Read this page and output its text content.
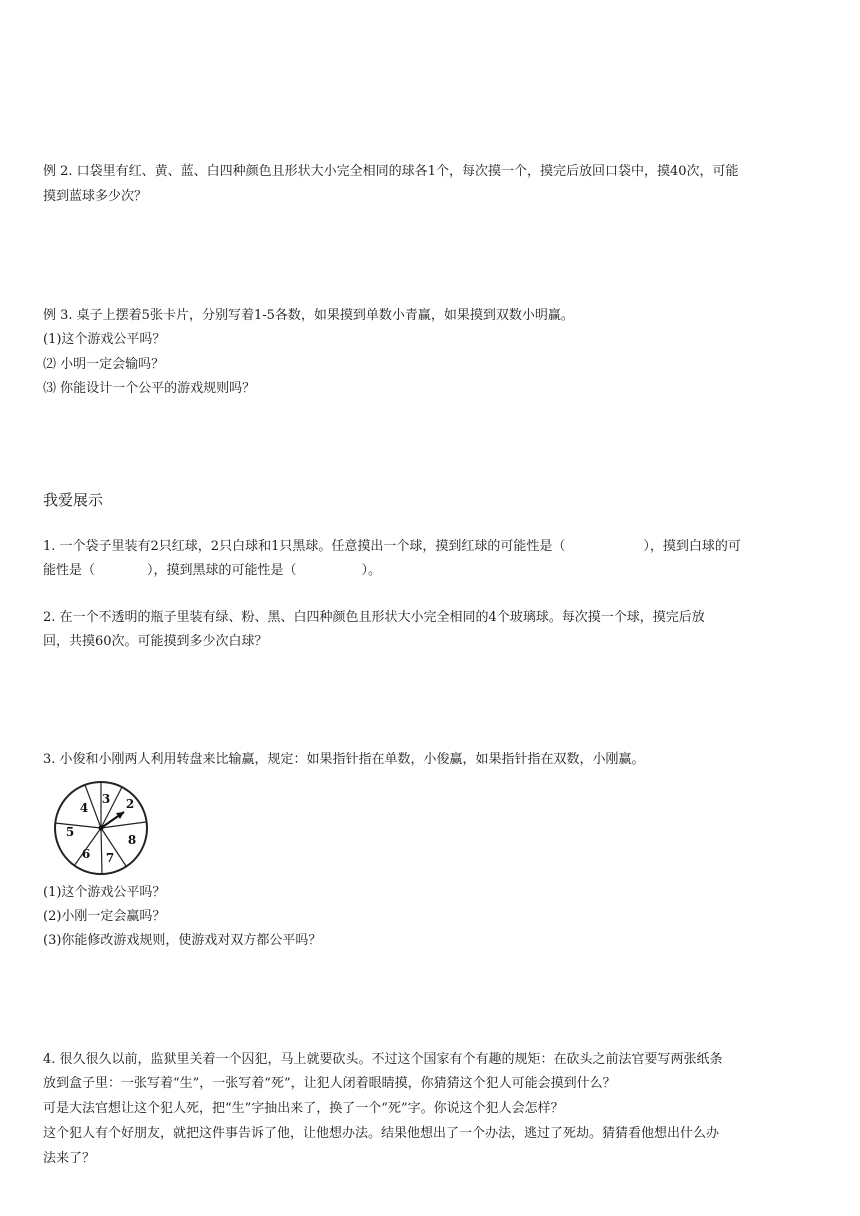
例 2. 口袋里有红、黄、蓝、白四种颜色且形状大小完全相同的球各1个，每次摸一个，摸完后放回口袋中，摸40次，可能
摸到蓝球多少次？
例 3. 桌子上摆着5张卡片，分别写着1-5各数，如果摸到单数小青赢，如果摸到双数小明赢。
(1)这个游戏公平吗？
⑵ 小明一定会输吗？
⑶ 你能设计一个公平的游戏规则吗？
我爱展示
1. 一个袋子里装有2只红球，2只白球和1只黑球。任意摸出一个球，摸到红球的可能性是（　　　　　　），摸到白球的可
能性是（　　　　），摸到黑球的可能性是（　　　　　）。
2. 在一个不透明的瓶子里装有绿、粉、黑、白四种颜色且形状大小完全相同的4个玻璃球。每次摸一个球，摸完后放
回，共摸60次。可能摸到多少次白球？
3. 小俊和小刚两人利用转盘来比输赢，规定：如果指针指在单数，小俊赢，如果指针指在双数，小刚赢。
3 2
8
7
6
5
4
(1)这个游戏公平吗？
(2)小刚一定会赢吗？
(3)你能修改游戏规则，使游戏对双方都公平吗？
4. 很久很久以前，监狱里关着一个囚犯，马上就要砍头。不过这个国家有个有趣的规矩：在砍头之前法官要写两张纸条
放到盒子里：一张写着“生”，一张写着“死”，让犯人闭着眼睛摸，你猜猜这个犯人可能会摸到什么？
可是大法官想让这个犯人死，把“生”字抽出来了，换了一个“死”字。你说这个犯人会怎样？
这个犯人有个好朋友，就把这件事告诉了他，让他想办法。结果他想出了一个办法，逃过了死劫。猜猜看他想出什么办
法来了？
